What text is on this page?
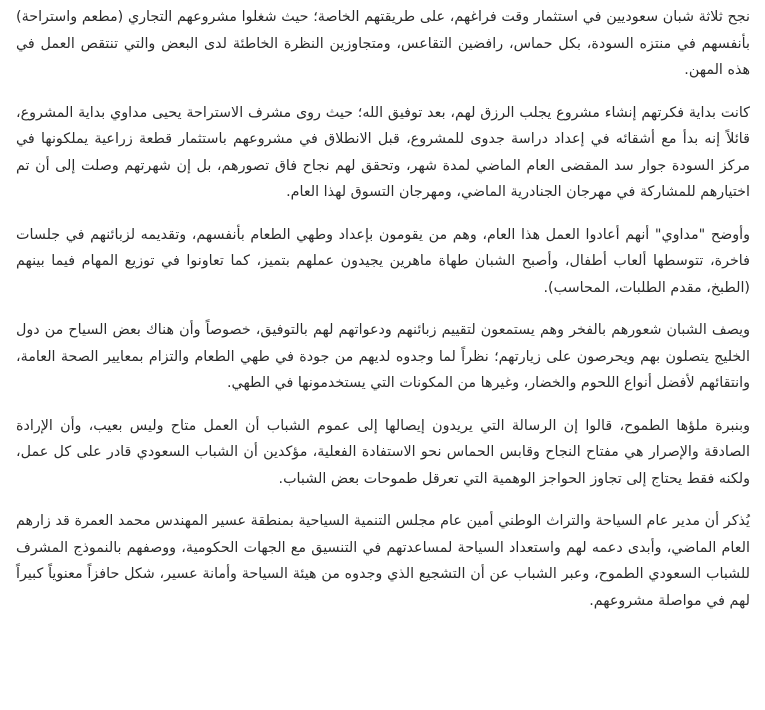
نجح ثلاثة شبان سعوديين في استثمار وقت فراغهم، على طريقتهم الخاصة؛ حيث شغلوا مشروعهم التجاري (مطعم واستراحة) بأنفسهم في منتزه السودة، بكل حماس، رافضين التقاعس، ومتجاوزين النظرة الخاطئة لدى البعض والتي تنتقص العمل في هذه المهن.

كانت بداية فكرتهم إنشاء مشروع يجلب الرزق لهم، بعد توفيق الله؛ حيث روى مشرف الاستراحة يحيى مداوي بداية المشروع، قائلاً إنه بدأ مع أشقائه في إعداد دراسة جدوى للمشروع، قبل الانطلاق في مشروعهم باستثمار قطعة زراعية يملكونها في مركز السودة جوار سد المقضى العام الماضي لمدة شهر، وتحقق لهم نجاح فاق تصورهم، بل إن شهرتهم وصلت إلى أن تم اختيارهم للمشاركة في مهرجان الجنادرية الماضي، ومهرجان التسوق لهذا العام.

وأوضح "مداوي" أنهم أعادوا العمل هذا العام، وهم من يقومون بإعداد وطهي الطعام بأنفسهم، وتقديمه لزبائنهم في جلسات فاخرة، تتوسطها ألعاب أطفال، وأصبح الشبان طهاة ماهرين يجيدون عملهم بتميز، كما تعاونوا في توزيع المهام فيما بينهم (الطبخ، مقدم الطلبات، المحاسب).

ويصف الشبان شعورهم بالفخر وهم يستمعون لتقييم زبائنهم ودعواتهم لهم بالتوفيق، خصوصاً وأن هناك بعض السياح من دول الخليج يتصلون بهم ويحرصون على زيارتهم؛ نظراً لما وجدوه لديهم من جودة في طهي الطعام والتزام بمعايير الصحة العامة، وانتقائهم لأفضل أنواع اللحوم والخضار، وغيرها من المكونات التي يستخدمونها في الطهي.

وبنبرة ملؤها الطموح، قالوا إن الرسالة التي يريدون إيصالها إلى عموم الشباب أن العمل متاح وليس بعيب، وأن الإرادة الصادقة والإصرار هي مفتاح النجاح وقابس الحماس نحو الاستفادة الفعلية، مؤكدين أن الشباب السعودي قادر على كل عمل، ولكنه فقط يحتاج إلى تجاوز الحواجز الوهمية التي تعرقل طموحات بعض الشباب.

يُذكر أن مدير عام السياحة والتراث الوطني أمين عام مجلس التنمية السياحية بمنطقة عسير المهندس محمد العمرة قد زارهم العام الماضي، وأبدى دعمه لهم واستعداد السياحة لمساعدتهم في التنسيق مع الجهات الحكومية، ووصفهم بالنموذج المشرف للشباب السعودي الطموح، وعبر الشباب عن أن التشجيع الذي وجدوه من هيئة السياحة وأمانة عسير، شكل حافزاً معنوياً كبيراً لهم في مواصلة مشروعهم.
